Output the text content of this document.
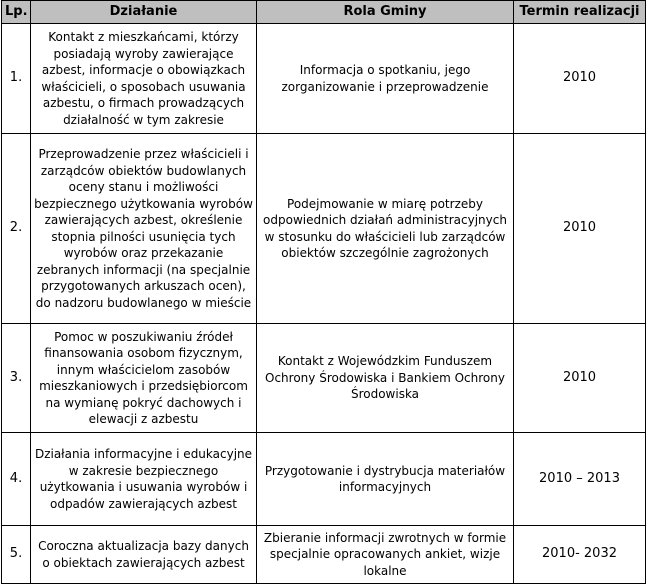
Lp.	Działanie	Rola Gminy	Termin realizacji
1.	Kontakt z mieszkańcami, którzy posiadają wyroby zawierające azbest, informacje o obowiązkach właścicieli, o sposobach usuwania azbestu, o firmach prowadzących działalność w tym zakresie	Informacja o spotkaniu, jego zorganizowanie i przeprowadzenie	2010
2.	Przeprowadzenie przez właścicieli i zarządców obiektów budowlanych oceny stanu i możliwości bezpiecznego użytkowania wyrobów zawierających azbest, określenie stopnia pilności usunięcia tych wyrobów oraz przekazanie zebranych informacji (na specjalnie przygotowanych arkuszach ocen), do nadzoru budowlanego w mieście	Podejmowanie w miarę potrzeby odpowiednich działań administracyjnych w stosunku do właścicieli lub zarządców obiektów szczególnie zagrożonych	2010
3.	Pomoc w poszukiwaniu źródeł finansowania osobom fizycznym, innym właścicielom zasobów mieszkaniowych i przedsiębiorcom na wymianę pokryć dachowych i elewacji z azbestu	Kontakt z Wojewódzkim Funduszem Ochrony Środowiska i Bankiem Ochrony Środowiska	2010
4.	Działania informacyjne i edukacyjne w zakresie bezpiecznego użytkowania i usuwania wyrobów i odpadów zawierających azbest	Przygotowanie i dystrybucja materiałów informacyjnych	2010 – 2013
5.	Coroczna aktualizacja bazy danych o obiektach zawierających azbest	Zbieranie informacji zwrotnych w formie specjalnie opracowanych ankiet, wizje lokalne	2010- 2032
